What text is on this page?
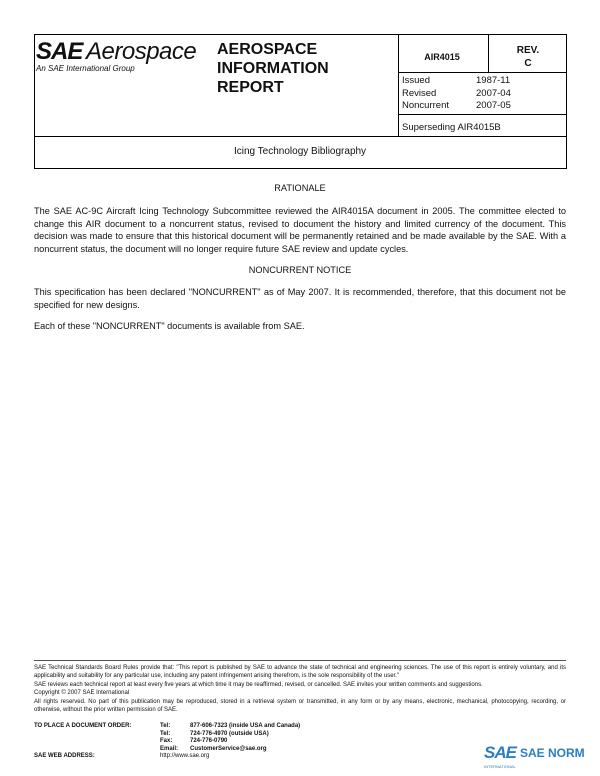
SAE Aerospace
An SAE International Group
AEROSPACE
INFORMATION
REPORT
AIR4015
REV.
C
Issued	1987-11
Revised	2007-04
Noncurrent	2007-05
Superseding AIR4015B
Icing Technology Bibliography
RATIONALE
The SAE AC-9C Aircraft Icing Technology Subcommittee reviewed the AIR4015A document in 2005. The committee elected to change this AIR document to a noncurrent status, revised to document the history and limited currency of the document. This decision was made to ensure that this historical document will be permanently retained and be made available by the SAE. With a noncurrent status, the document will no longer require future SAE review and update cycles.
NONCURRENT NOTICE
This specification has been declared "NONCURRENT" as of May 2007. It is recommended, therefore, that this document not be specified for new designs.
Each of these "NONCURRENT" documents is available from SAE.

SAE Technical Standards Board Rules provide that: "This report is published by SAE to advance the state of technical and engineering sciences. The use of this report is entirely voluntary, and its applicability and suitability for any particular use, including any patent infringement arising therefrom, is the sole responsibility of the user."

SAE reviews each technical report at least every five years at which time it may be reaffirmed, revised, or cancelled. SAE invites your written comments and suggestions.

Copyright © 2007 SAE International

All rights reserved. No part of this publication may be reproduced, stored in a retrieval system or transmitted, in any form or by any means, electronic, mechanical, photocopying, recording, or otherwise, without the prior written permission of SAE.

TO PLACE A DOCUMENT ORDER:	Tel:	877-606-7323 (inside USA and Canada)
Tel:	724-776-4970 (outside USA)
Fax:	724-776-0790
Email:	CustomerService@sae.org
SAE WEB ADDRESS:	http://www.sae.org	SAE SAE NORM
INTERNATIONAL
